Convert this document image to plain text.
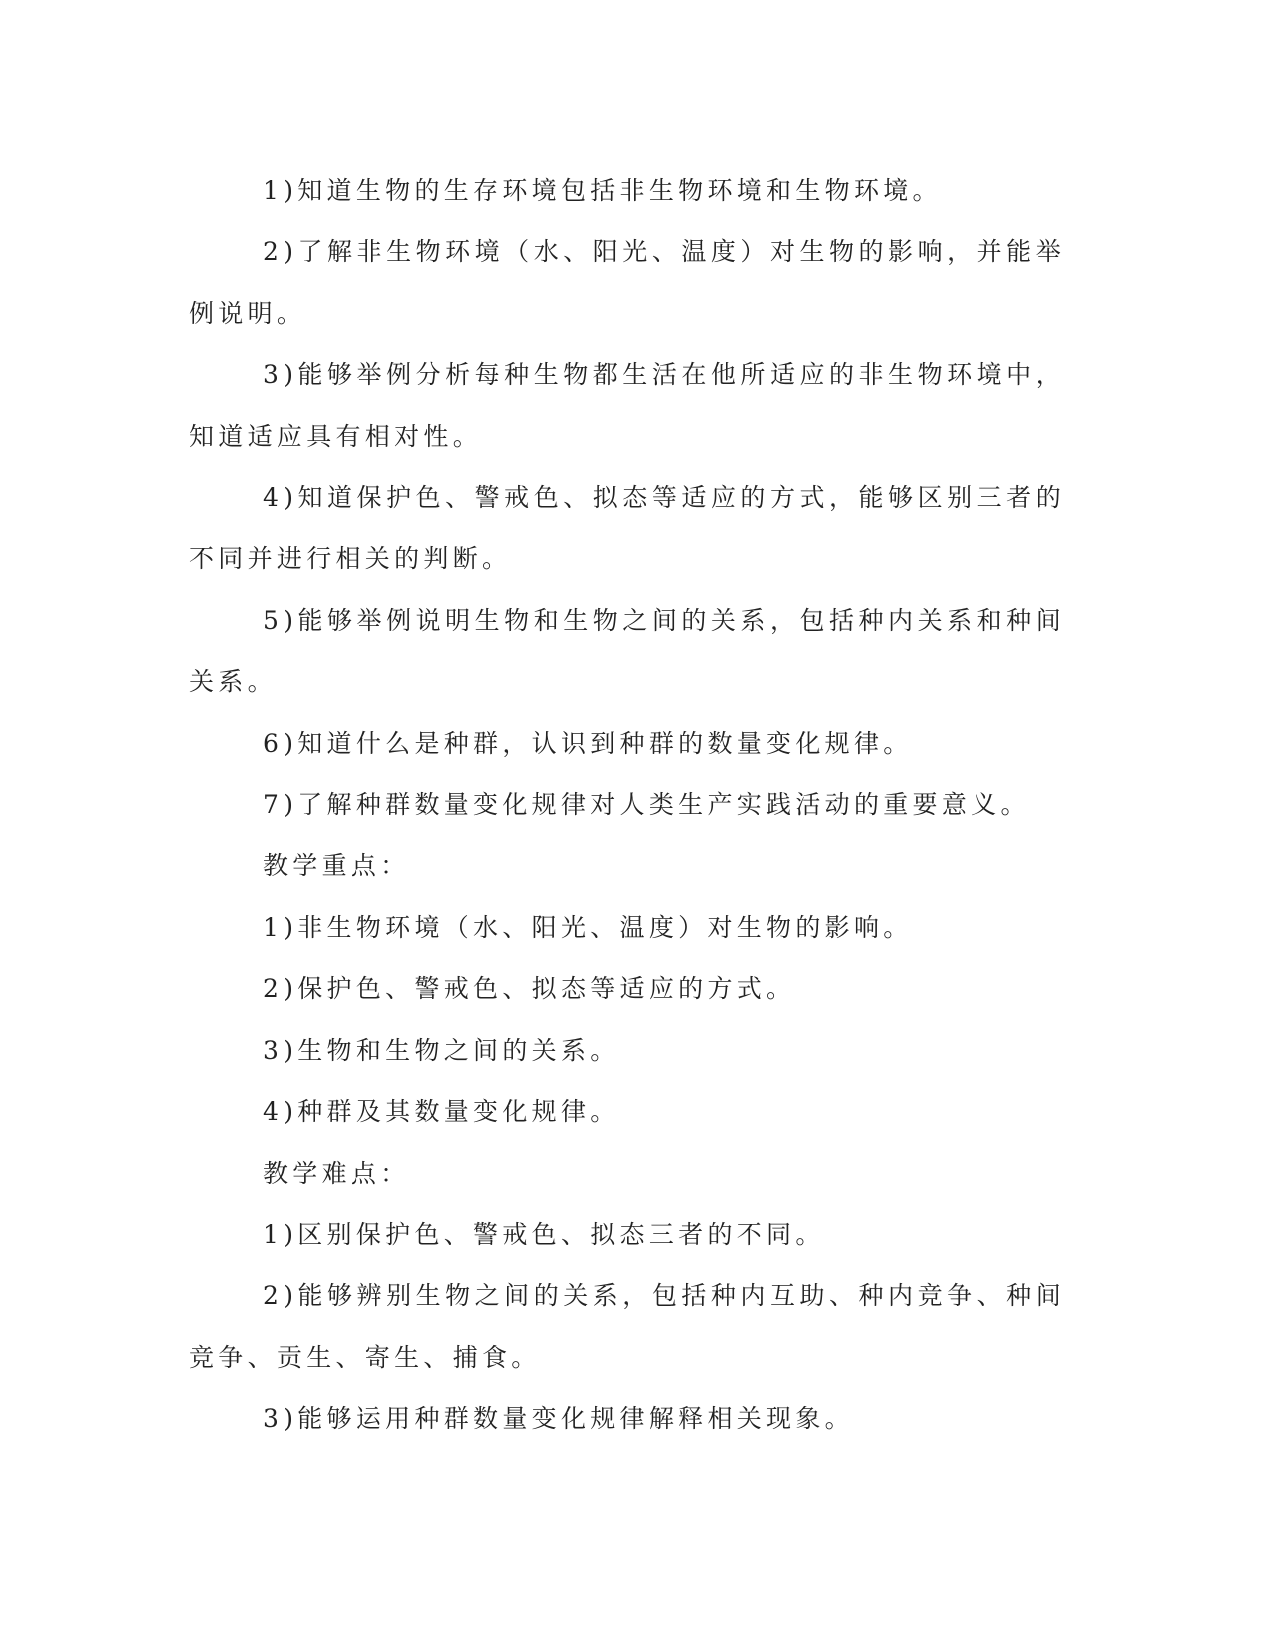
1)知道生物的生存环境包括非生物环境和生物环境。

2)了解非生物环境（水、阳光、温度）对生物的影响，并能举例说明。

3)能够举例分析每种生物都生活在他所适应的非生物环境中，知道适应具有相对性。

4)知道保护色、警戒色、拟态等适应的方式，能够区别三者的不同并进行相关的判断。

5)能够举例说明生物和生物之间的关系，包括种内关系和种间关系。

6)知道什么是种群，认识到种群的数量变化规律。

7)了解种群数量变化规律对人类生产实践活动的重要意义。

教学重点：

1)非生物环境（水、阳光、温度）对生物的影响。

2)保护色、警戒色、拟态等适应的方式。

3)生物和生物之间的关系。

4)种群及其数量变化规律。

教学难点：

1)区别保护色、警戒色、拟态三者的不同。

2)能够辨别生物之间的关系，包括种内互助、种内竞争、种间竞争、贡生、寄生、捕食。

3)能够运用种群数量变化规律解释相关现象。
